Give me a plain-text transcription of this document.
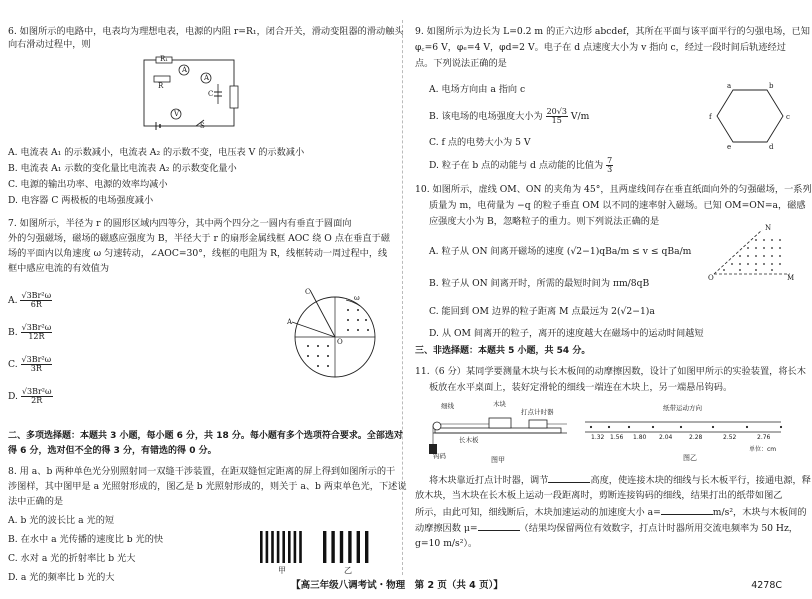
6. 如图所示的电路中，电表均为理想电表，电源的内阻 r=R₁，闭合开关，滑动变阻器的滑动触头
向右滑动过程中，则
R₁
A
A
C
R
V
S
A. 电流表 A₁ 的示数减小，电流表 A₂ 的示数不变，电压表 V 的示数减小
B. 电流表 A₁ 示数的变化量比电流表 A₂ 的示数变化量小
C. 电源的输出功率、电源的效率均减小
D. 电容器 C 两极板的电场强度减小
7. 如图所示，半径为 r 的圆形区域内四等分，其中两个四分之一圆内有垂直于圆面向
外的匀强磁场，磁场的磁感应强度为 B，半径大于 r 的扇形金属线框 AOC 绕 O 点在垂直于磁
场的平面内以角速度 ω 匀速转动，∠AOC=30°，线框的电阻为 R，线框转动一周过程中，线
框中感应电流的有效值为
A. $\frac{\text{√3Br²ω}}{6R}$
B. $\frac{\text{√3Br²ω}}{12R}$
C. $\frac{\text{√3Br²ω}}{3R}$
D. $\frac{\text{√3Br²ω}}{2R}$
C
A
O
ω
二、多项选择题：本题共 3 小题，每小题 6 分，共 18 分。每小题有多个选项符合要求。全部选对
得 6 分，选对但不全的得 3 分，有错选的得 0 分。
8. 用 a、b 两种单色光分别照射同一双缝干涉装置，在距双缝恒定距离的屏上得到如图所示的干
涉图样，其中图甲是 a 光照射形成的，图乙是 b 光照射形成的，则关于 a、b 两束单色光，下述说
法中正确的是
A. b 光的波长比 a 光的短
B. 在水中 a 光传播的速度比 b 光的快
C. 水对 a 光的折射率比 b 光大
D. a 光的频率比 b 光的大
甲	乙
9. 如图所示为边长为 L=0.2 m 的正六边形 abcdef，其所在平面与该平面平行的匀强电场，已知
φ꜀=6 V，φₑ=4 V，φd=2 V。电子在 d 点速度大小为 v 指向 c，经过一段时间后轨迹经过
点。下列说法正确的是
A. 电场方向由 a 指向 c
B. 该电场的电场强度大小为 $\frac{20√3}{15} V/m$
C. f 点的电势大小为 5 V
D. 粒子在 b 点的动能与 d 点动能的比值为 $\frac{7}{3}$
a	b
c
d
e
f
10. 如图所示，虚线 OM、ON 的夹角为 45°，且两虚线间存在垂直纸面向外的匀强磁场，一系列
质量为 m，电荷量为 −q 的粒子垂直 OM 以不同的速率射入磁场。已知 OM=ON=a，磁感
应强度大小为 B，忽略粒子的重力。则下列说法正确的是
A. 粒子从 ON 间离开磁场的速度 (√2−1)qBa/m ≤ v ≤ qBa/m
B. 粒子从 ON 间离开时，所需的最短时间为 πm/8qB
C. 能回到 OM 边界的粒子距离 M 点最远为 2(√2−1)a
D. 从 OM 间离开的粒子，离开的速度越大在磁场中的运动时间越短
O	M
N
三、非选择题：本题共 5 小题，共 54 分。
11.（6 分）某同学要测量木块与长木板间的动摩擦因数，设计了如图甲所示的实验装置，将长木
板放在水平桌面上，装好定滑轮的细线一端连在木块上，另一端悬吊钩码。
细线	木块
打点计时器
长木板
钩码	图甲
纸带运动方向
1.32 1.56 1.80 2.04	2.28	2.52	2.76
单位：cm
图乙
将木块靠近打点计时器，调节	高度，使连接木块的细线与长木板平行，接通电源，释
放木块，当木块在长木板上运动一段距离时，剪断连接钩码的细线，结果打出的纸带如图乙
所示，由此可知，细线断后，木块加速运动的加速度大小 a=	m/s²，木块与木板间的
动摩擦因数 μ=	（结果均保留两位有效数字，打点计时器所用交流电频率为 50 Hz，
g=10 m/s²）。
【高三年级八调考试・物理　第 2 页（共 4 页）】	4278C
